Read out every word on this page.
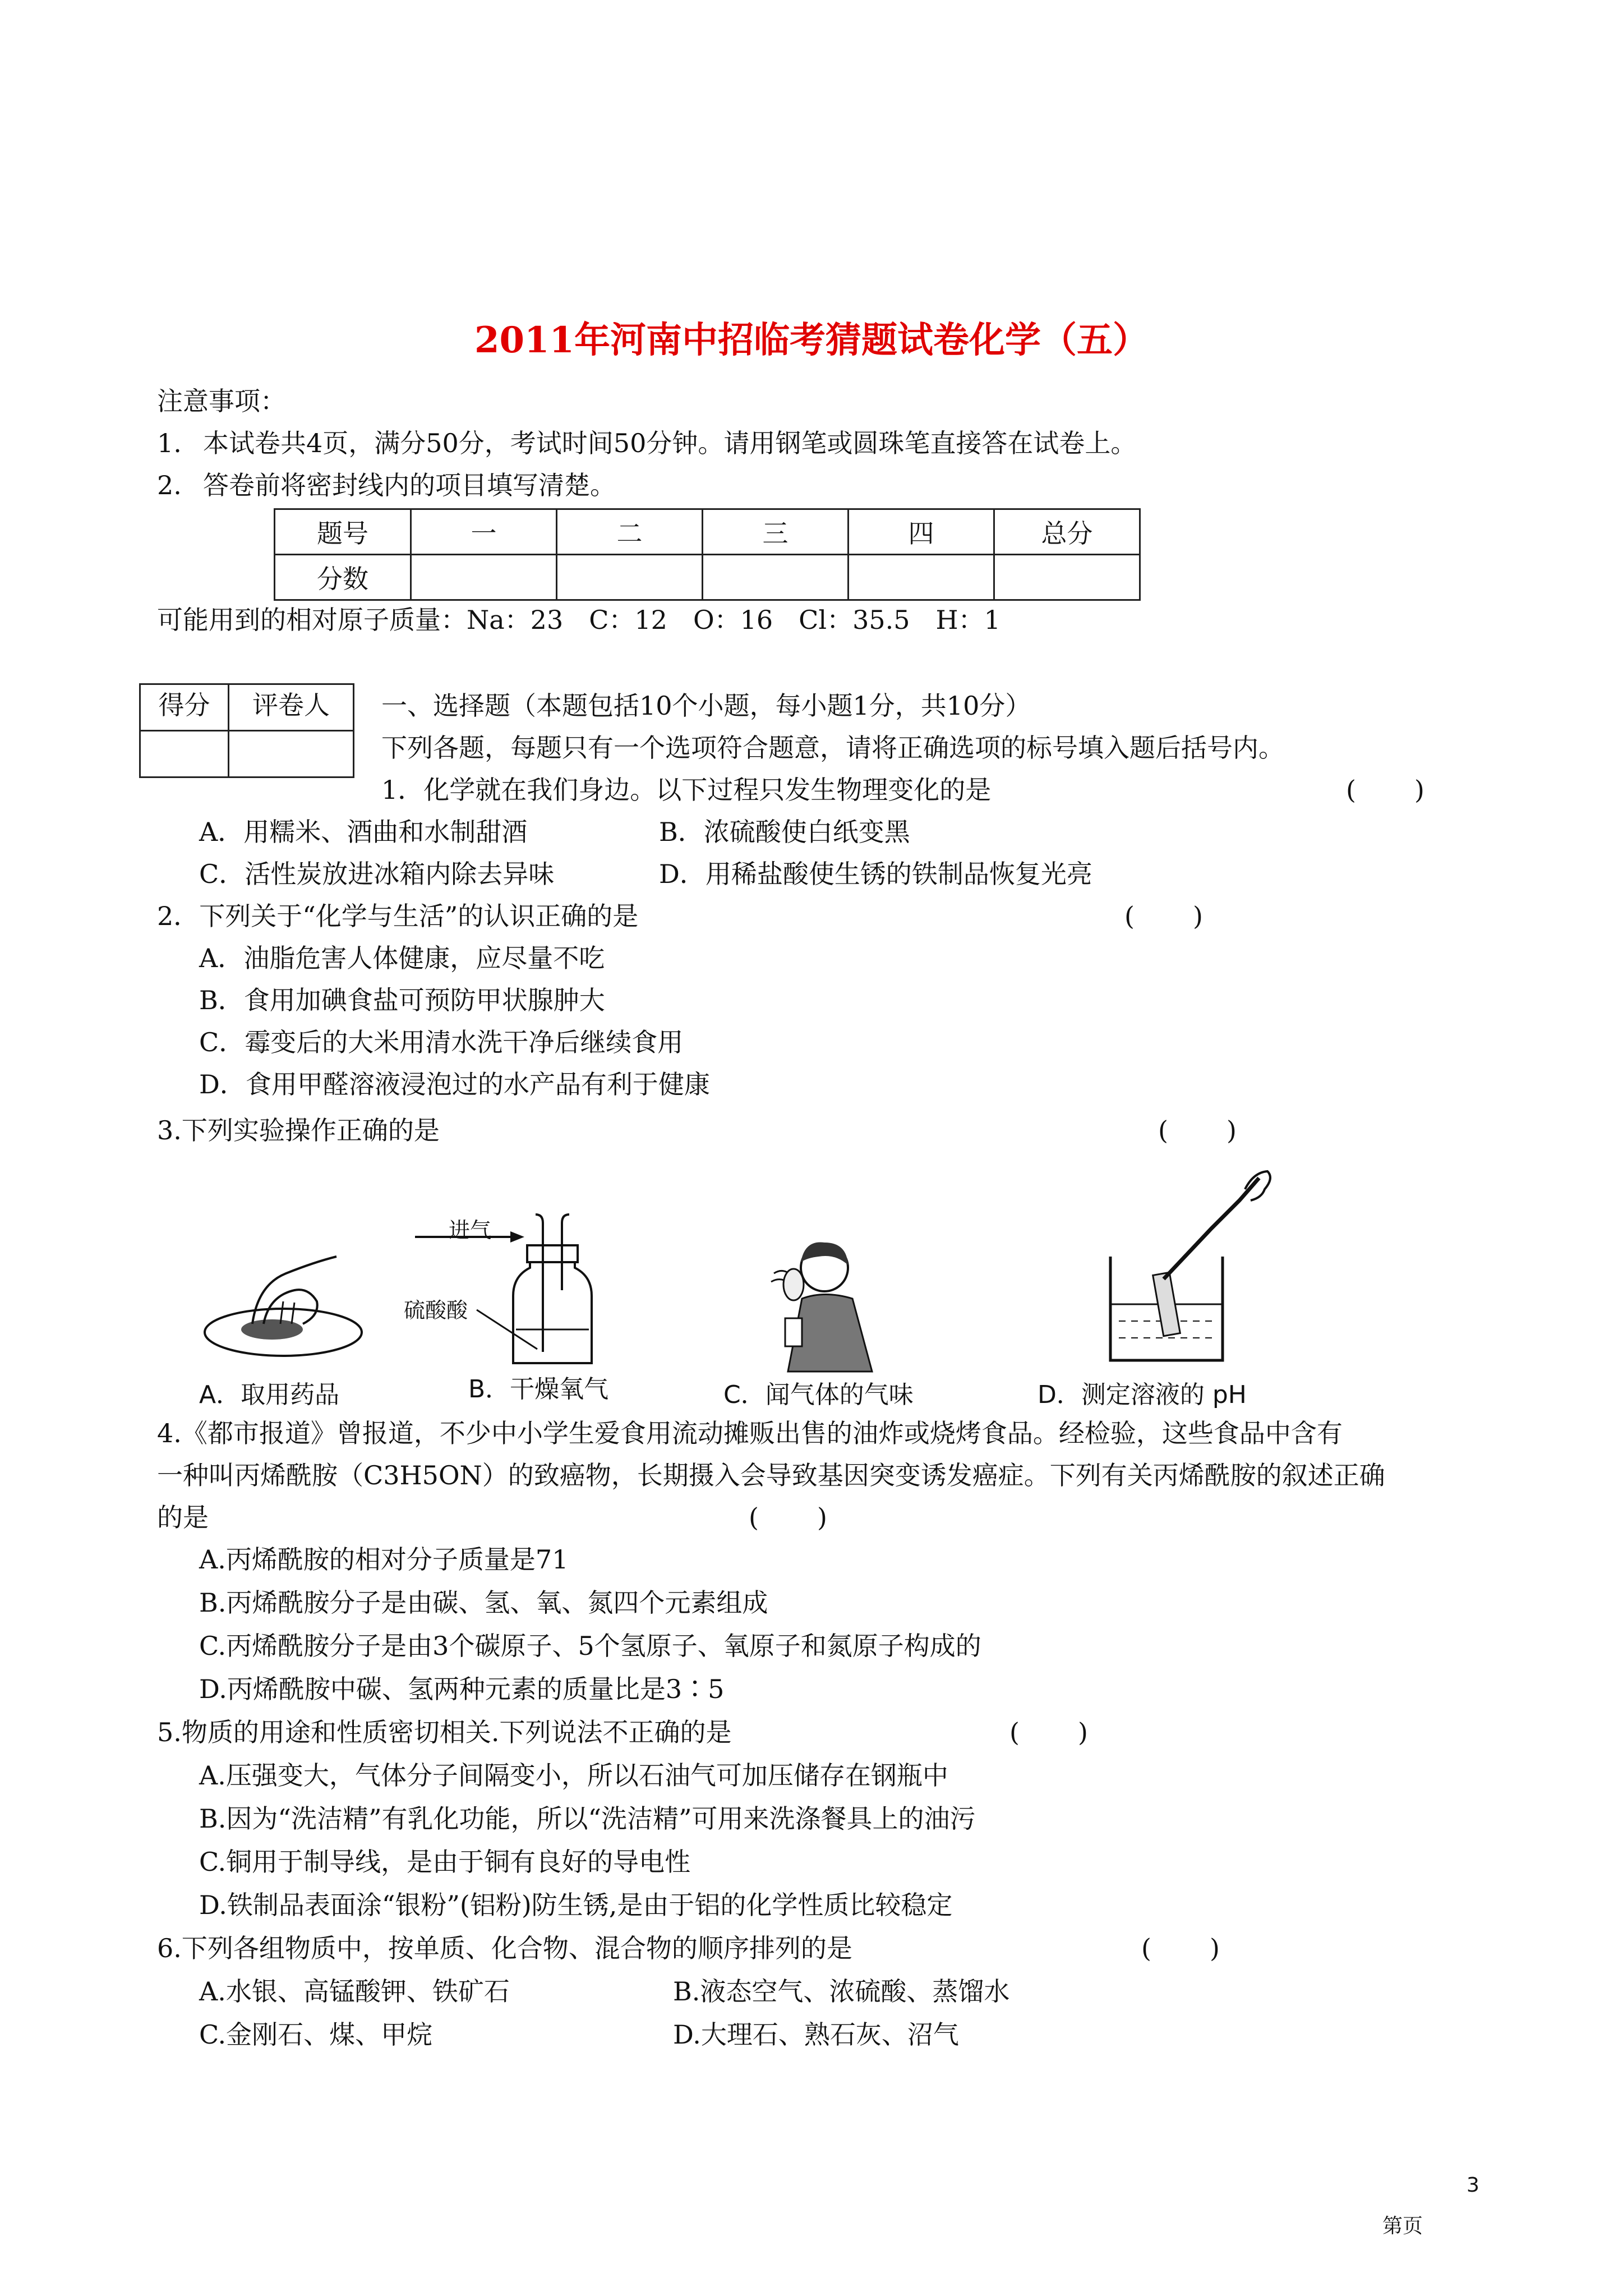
2011年河南中招临考猜题试卷化学（五）
注意事项：
1. 本试卷共4页，满分50分，考试时间50分钟。请用钢笔或圆珠笔直接答在试卷上。
2. 答卷前将密封线内的项目填写清楚。
题号	一	二	三	四	总分
分数					
可能用到的相对原子质量：Na：23　C：12　O：16　Cl：35.5　H：1
得分	评卷人
	一、选择题（本题包括10个小题，每小题1分，共10分）
下列各题，每题只有一个选项符合题意，请将正确选项的标号填入题后括号内。
1．化学就在我们身边。以下过程只发生物理变化的是	(　　)
A．用糯米、酒曲和水制甜酒	B．浓硫酸使白纸变黑
C．活性炭放进冰箱内除去异味	D．用稀盐酸使生锈的铁制品恢复光亮
2．下列关于“化学与生活”的认识正确的是	(　　)
A．油脂危害人体健康，应尽量不吃
B．食用加碘食盐可预防甲状腺肿大
C．霉变后的大米用清水洗干净后继续食用
D．食用甲醛溶液浸泡过的水产品有利于健康
3.下列实验操作正确的是	(　　)
进气
硫酸酸
A．取用药品	B．干燥氧气	C．闻气体的气味	D．测定溶液的 pH
4.《都市报道》曾报道，不少中小学生爱食用流动摊贩出售的油炸或烧烤食品。经检验，这些食品中含有
一种叫丙烯酰胺（C3H5ON）的致癌物，长期摄入会导致基因突变诱发癌症。下列有关丙烯酰胺的叙述正确
的是	(　　)
A.丙烯酰胺的相对分子质量是71
B.丙烯酰胺分子是由碳、氢、氧、氮四个元素组成
C.丙烯酰胺分子是由3个碳原子、5个氢原子、氧原子和氮原子构成的
D.丙烯酰胺中碳、氢两种元素的质量比是3∶5
5.物质的用途和性质密切相关.下列说法不正确的是	(　　)
A.压强变大，气体分子间隔变小，所以石油气可加压储存在钢瓶中
B.因为“洗洁精”有乳化功能，所以“洗洁精”可用来洗涤餐具上的油污
C.铜用于制导线，是由于铜有良好的导电性
D.铁制品表面涂“银粉”(铝粉)防生锈,是由于铝的化学性质比较稳定
6.下列各组物质中，按单质、化合物、混合物的顺序排列的是	(　　)
A.水银、高锰酸钾、铁矿石	B.液态空气、浓硫酸、蒸馏水
C.金刚石、煤、甲烷	D.大理石、熟石灰、沼气
3
第页
